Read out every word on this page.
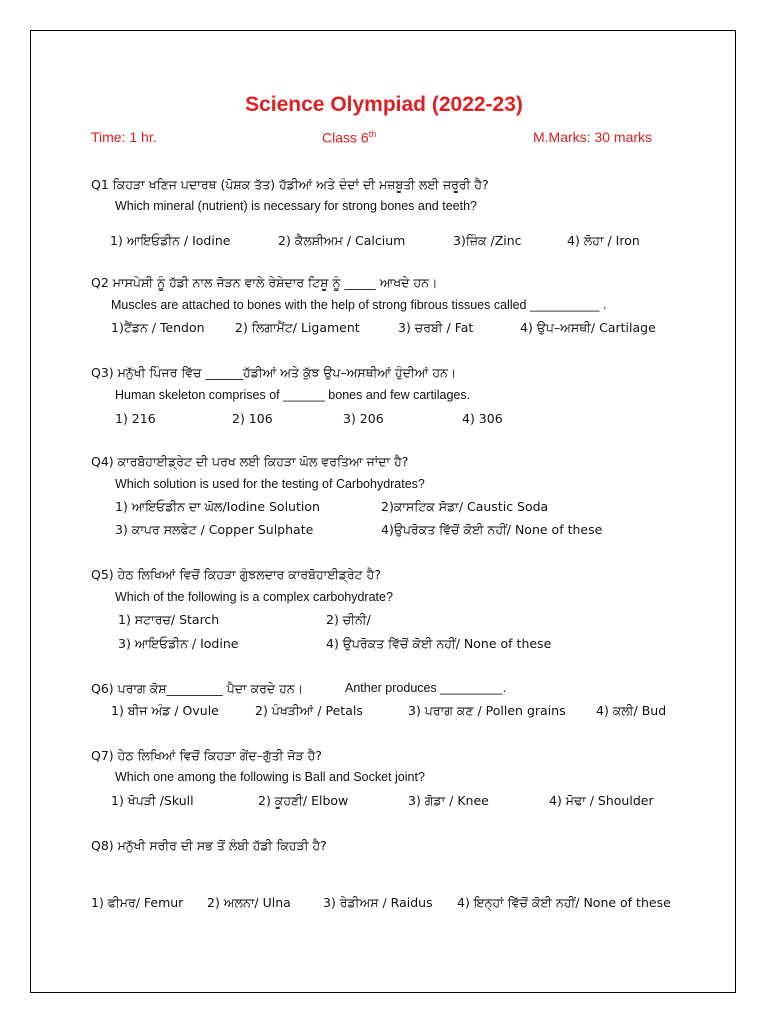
Science Olympiad (2022-23)
Time: 1 hr.	Class 6th	M.Marks: 30 marks
Q1 ਕਿਹੜਾ ਖਣਿਜ ਪਦਾਰਥ (ਪੋਸ਼ਕ ਤੱਤ) ਹੱਡੀਆਂ ਅਤੇ ਦੰਦਾਂ ਦੀ ਮਜ਼ਬੂਤੀ ਲਈ ਜ਼ਰੂਰੀ ਹੈ?
Which mineral (nutrient) is necessary for strong bones and teeth?
1) ਆਇਓਡੀਨ / Iodine	2) ਕੈਲਸ਼ੀਅਮ / Calcium	3)ਜ਼ਿੰਕ /Zinc	4) ਲੋਹਾ / Iron
Q2 ਮਾਸਪੇਸ਼ੀ ਨੂੰ ਹੱਡੀ ਨਾਲ ਜੋੜਨ ਵਾਲੇ ਰੇਸ਼ੇਦਾਰ ਟਿਸ਼ੂ ਨੂੰ _____ ਆਖਦੇ ਹਨ।
Muscles are attached to bones with the help of strong fibrous tissues called __________ .
1)ਟੈਂਡਨ / Tendon 2) ਲਿਗਾਮੈਂਟ/ Ligament	3) ਚਰਬੀ / Fat	4) ਉਪ–ਅਸਥੀ/ Cartilage
Q3) ਮਨੁੱਖੀ ਪਿੰਜਰ ਵਿੱਚ ______ਹੱਡੀਆਂ ਅਤੇ ਕੁੱਝ ਉਪ–ਅਸਥੀਆਂ ਹੁੰਦੀਆਂ ਹਨ।
Human skeleton comprises of ______ bones and few cartilages.
1) 216	2) 106	3) 206	4) 306
Q4) ਕਾਰਬੋਹਾਈਡ੍ਰੇਟ ਦੀ ਪਰਖ ਲਈ ਕਿਹੜਾ ਘੋਲ ਵਰਤਿਆ ਜਾਂਦਾ ਹੈ?
Which solution is used for the testing of Carbohydrates?
1) ਆਇਓਡੀਨ ਦਾ ਘੋਲ/Iodine Solution	2)ਕਾਸਟਿਕ ਸੋਡਾ/ Caustic Soda
3) ਕਾਪਰ ਸਲਫੇਟ / Copper Sulphate	4)ਉਪਰੋਕਤ ਵਿੱਚੋਂ ਕੋਈ ਨਹੀਂ/ None of these
Q5) ਹੇਠ ਲਿਖਿਆਂ ਵਿਚੋਂ ਕਿਹੜਾ ਗੁੰਝਲਦਾਰ ਕਾਰਬੋਹਾਈਡ੍ਰੇਟ ਹੈ?
Which of the following is a complex carbohydrate?
1) ਸਟਾਰਚ/ Starch	2) ਚੀਨੀ/
3) ਆਇਓਡੀਨ / Iodine	4) ਉਪਰੋਕਤ ਵਿੱਚੋਂ ਕੋਈ ਨਹੀਂ/ None of these
Q6) ਪਰਾਗ ਕੋਸ਼_________ ਪੈਦਾ ਕਰਦੇ ਹਨ।	Anther produces _________.
1) ਬੀਜ ਅੰਡ / Ovule	2) ਪੰਖੜੀਆਂ / Petals	3) ਪਰਾਗ ਕਣ / Pollen grains 4) ਕਲੀ/ Bud
Q7) ਹੇਠ ਲਿਖਿਆਂ ਵਿਚੋਂ ਕਿਹੜਾ ਗੇਂਦ–ਗੁੱਤੀ ਜੋੜ ਹੈ?
Which one among the following is Ball and Socket joint?
1) ਖੋਪੜੀ /Skull	2) ਕੂਹਣੀ/ Elbow	3) ਗੋਡਾ / Knee	4) ਮੋਢਾ / Shoulder
Q8) ਮਨੁੱਖੀ ਸਰੀਰ ਦੀ ਸਭ ਤੋਂ ਲੰਬੀ ਹੱਡੀ ਕਿਹੜੀ ਹੈ?
1) ਫੀਮਰ/ Femur 2) ਅਲਨਾ/ Ulna	3) ਰੇਡੀਅਸ / Raidus 4) ਇਨ੍ਹਾਂ ਵਿੱਚੋਂ ਕੋਈ ਨਹੀਂ/ None of these
